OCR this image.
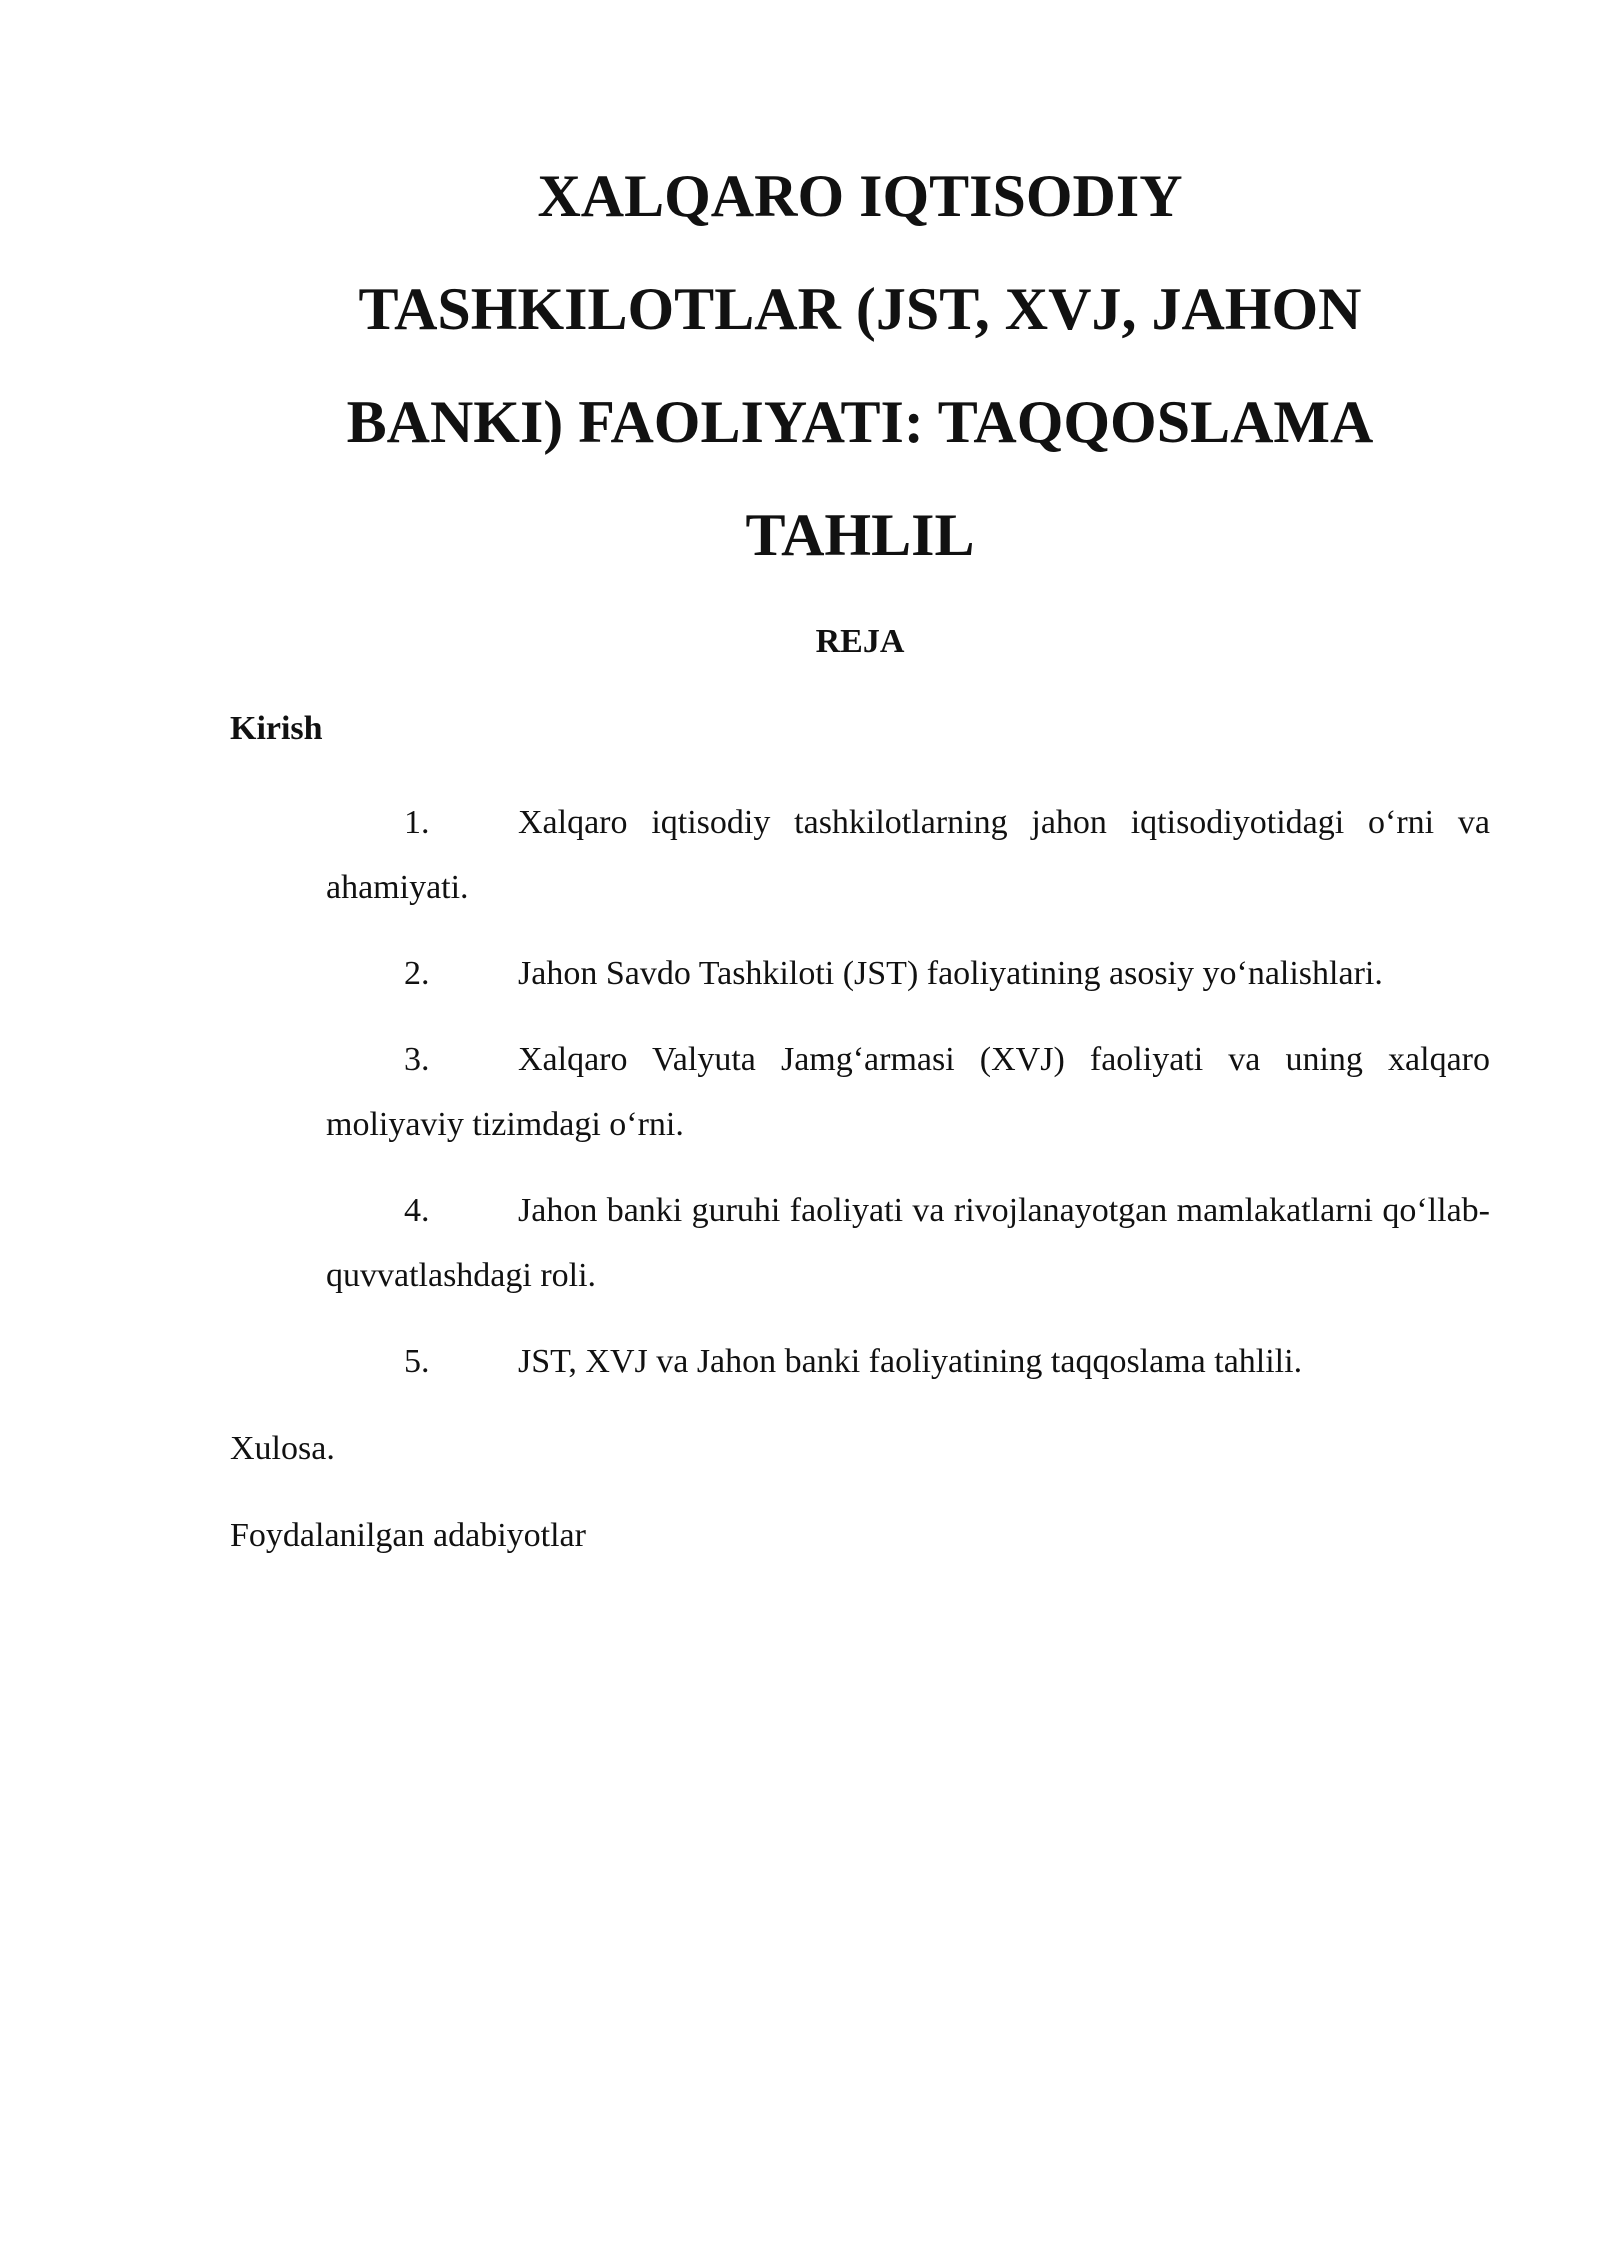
XALQARO IQTISODIY
TASHKILOTLAR (JST, XVJ, JAHON
BANKI) FAOLIYATI: TAQQOSLAMA
TAHLIL

REJA

Kirish

1.	Xalqaro iqtisodiy tashkilotlarning jahon iqtisodiyotidagi o‘rni va ahamiyati.
2.	Jahon Savdo Tashkiloti (JST) faoliyatining asosiy yo‘nalishlari.
3.	Xalqaro Valyuta Jamg‘armasi (XVJ) faoliyati va uning xalqaro moliyaviy tizimdagi o‘rni.
4.	Jahon banki guruhi faoliyati va rivojlanayotgan mamlakatlarni qo‘llab-quvvatlashdagi roli.
5.	JST, XVJ va Jahon banki faoliyatining taqqoslama tahlili.

Xulosa.

Foydalanilgan adabiyotlar
